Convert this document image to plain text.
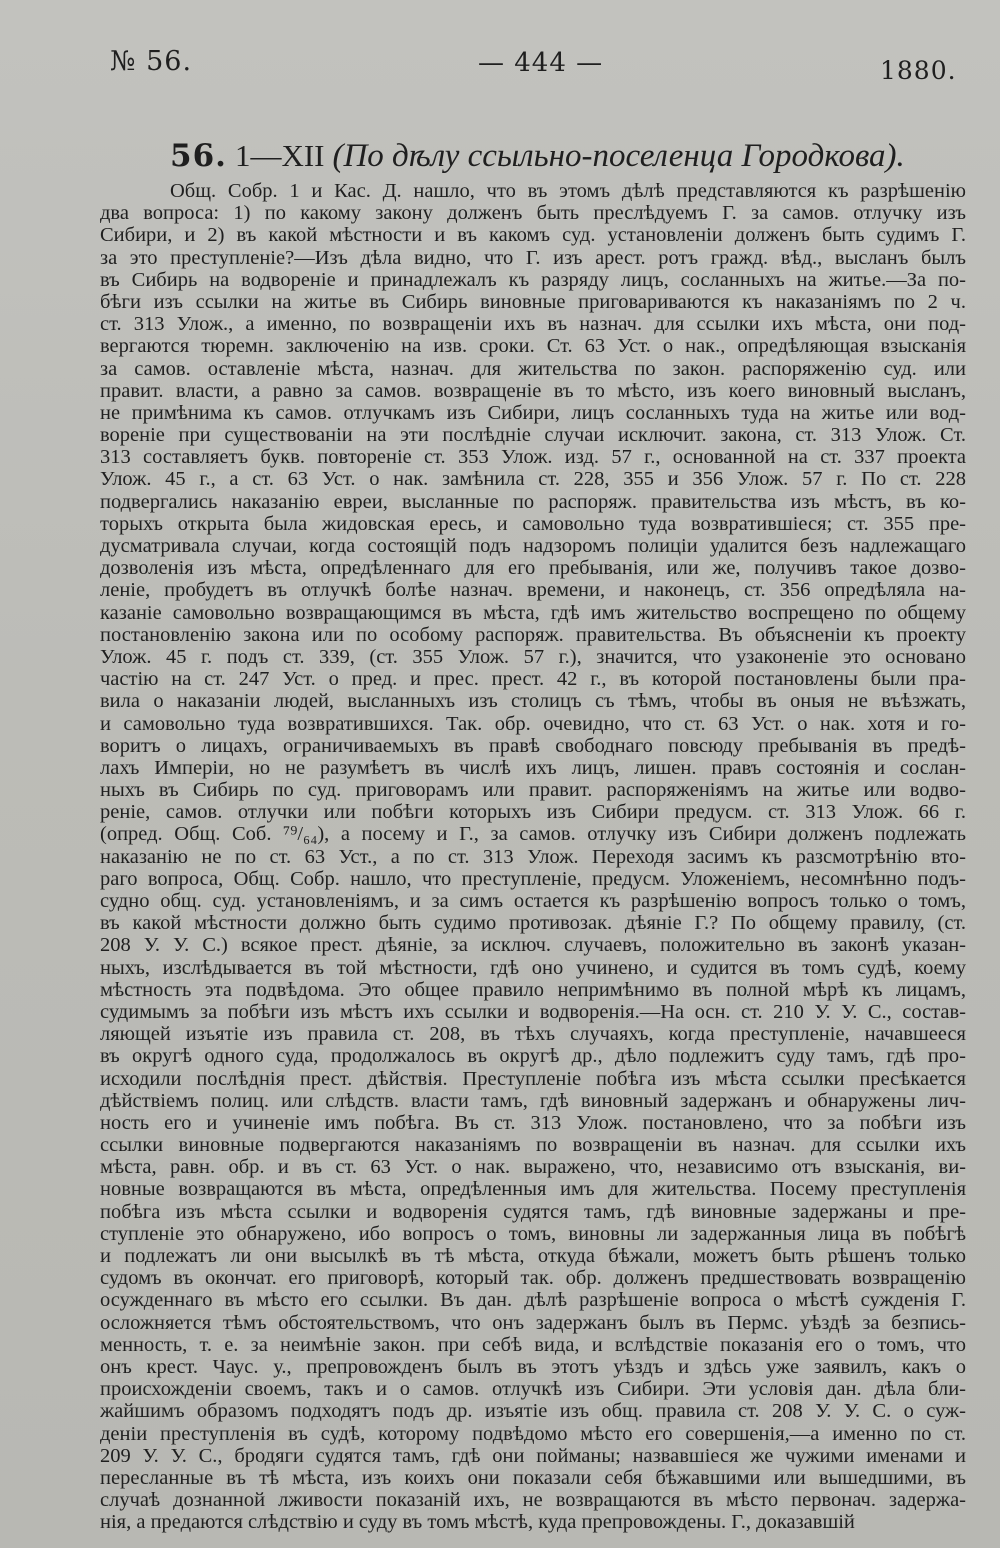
№ 56.	— 444 —	1880.
56. 1—XII (По дѣлу ссыльно-поселенца Городкова).
Общ. Собр. 1 и Кас. Д. нашло, что въ этомъ дѣлѣ представляются къ разрѣшенію
два вопроса: 1) по какому закону долженъ быть преслѣдуемъ Г. за самов. отлучку изъ
Сибири, и 2) въ какой мѣстности и въ какомъ суд. установленіи долженъ быть судимъ Г.
за это преступленіе?—Изъ дѣла видно, что Г. изъ арест. ротъ гражд. вѣд., высланъ былъ
въ Сибирь на водвореніе и принадлежалъ къ разряду лицъ, сосланныхъ на житье.—За по-
бѣги изъ ссылки на житье въ Сибирь виновные приговариваются къ наказаніямъ по 2 ч.
ст. 313 Улож., а именно, по возвращеніи ихъ въ назнач. для ссылки ихъ мѣста, они под-
вергаются тюремн. заключенію на изв. сроки. Ст. 63 Уст. о нак., опредѣляющая взысканія
за самов. оставленіе мѣста, назнач. для жительства по закон. распоряженію суд. или
правит. власти, а равно за самов. возвращеніе въ то мѣсто, изъ коего виновный высланъ,
не примѣнима къ самов. отлучкамъ изъ Сибири, лицъ сосланныхъ туда на житье или вод-
вореніе при существованіи на эти послѣдніе случаи исключит. закона, ст. 313 Улож. Ст.
313 составляетъ букв. повтореніе ст. 353 Улож. изд. 57 г., основанной на ст. 337 проекта
Улож. 45 г., а ст. 63 Уст. о нак. замѣнила ст. 228, 355 и 356 Улож. 57 г. По ст. 228
подвергались наказанію евреи, высланные по распоряж. правительства изъ мѣстъ, въ ко-
торыхъ открыта была жидовская ересь, и самовольно туда возвратившіеся; ст. 355 пре-
дусматривала случаи, когда состоящій подъ надзоромъ полиціи удалится безъ надлежащаго
дозволенія изъ мѣста, опредѣленнаго для его пребыванія, или же, получивъ такое дозво-
леніе, пробудетъ въ отлучкѣ болѣе назнач. времени, и наконецъ, ст. 356 опредѣляла на-
казаніе самовольно возвращающимся въ мѣста, гдѣ имъ жительство воспрещено по общему
постановленію закона или по особому распоряж. правительства. Въ объясненіи къ проекту
Улож. 45 г. подъ ст. 339, (ст. 355 Улож. 57 г.), значится, что узаконеніе это основано
частію на ст. 247 Уст. о пред. и прес. прест. 42 г., въ которой постановлены были пра-
вила о наказаніи людей, высланныхъ изъ столицъ съ тѣмъ, чтобы въ оныя не въѣзжать,
и самовольно туда возвратившихся. Так. обр. очевидно, что ст. 63 Уст. о нак. хотя и го-
воритъ о лицахъ, ограничиваемыхъ въ правѣ свободнаго повсюду пребыванія въ предѣ-
лахъ Имперіи, но не разумѣетъ въ числѣ ихъ лицъ, лишен. правъ состоянія и сослан-
ныхъ въ Сибирь по суд. приговорамъ или правит. распоряженіямъ на житье или водво-
реніе, самов. отлучки или побѣги которыхъ изъ Сибири предусм. ст. 313 Улож. 66 г.
(опред. Общ. Соб. ⁷⁹/₆₄), а посему и Г., за самов. отлучку изъ Сибири долженъ подлежать
наказанію не по ст. 63 Уст., а по ст. 313 Улож. Переходя засимъ къ разсмотрѣнію вто-
раго вопроса, Общ. Собр. нашло, что преступленіе, предусм. Уложеніемъ, несомнѣнно подъ-
судно общ. суд. установленіямъ, и за симъ остается къ разрѣшенію вопросъ только о томъ,
въ какой мѣстности должно быть судимо противозак. дѣяніе Г.? По общему правилу, (ст.
208 У. У. С.) всякое прест. дѣяніе, за исключ. случаевъ, положительно въ законѣ указан-
ныхъ, изслѣдывается въ той мѣстности, гдѣ оно учинено, и судится въ томъ судѣ, коему
мѣстность эта подвѣдома. Это общее правило непримѣнимо въ полной мѣрѣ къ лицамъ,
судимымъ за побѣги изъ мѣстъ ихъ ссылки и водворенія.—На осн. ст. 210 У. У. С., состав-
ляющей изъятіе изъ правила ст. 208, въ тѣхъ случаяхъ, когда преступленіе, начавшееся
въ округѣ одного суда, продолжалось въ округѣ др., дѣло подлежитъ суду тамъ, гдѣ про-
исходили послѣднія прест. дѣйствія. Преступленіе побѣга изъ мѣста ссылки пресѣкается
дѣйствіемъ полиц. или слѣдств. власти тамъ, гдѣ виновный задержанъ и обнаружены лич-
ность его и учиненіе имъ побѣга. Въ ст. 313 Улож. постановлено, что за побѣги изъ
ссылки виновные подвергаются наказаніямъ по возвращеніи въ назнач. для ссылки ихъ
мѣста, равн. обр. и въ ст. 63 Уст. о нак. выражено, что, независимо отъ взысканія, ви-
новные возвращаются въ мѣста, опредѣленныя имъ для жительства. Посему преступленія
побѣга изъ мѣста ссылки и водворенія судятся тамъ, гдѣ виновные задержаны и пре-
ступленіе это обнаружено, ибо вопросъ о томъ, виновны ли задержанныя лица въ побѣгѣ
и подлежатъ ли они высылкѣ въ тѣ мѣста, откуда бѣжали, можетъ быть рѣшенъ только
судомъ въ окончат. его приговорѣ, который так. обр. долженъ предшествовать возвращенію
осужденнаго въ мѣсто его ссылки. Въ дан. дѣлѣ разрѣшеніе вопроса о мѣстѣ сужденія Г.
осложняется тѣмъ обстоятельствомъ, что онъ задержанъ былъ въ Пермс. уѣздѣ за безпись-
менность, т. е. за неимѣніе закон. при себѣ вида, и вслѣдствіе показанія его о томъ, что
онъ крест. Чаус. у., препровожденъ былъ въ этотъ уѣздъ и здѣсь уже заявилъ, какъ о
происхожденіи своемъ, такъ и о самов. отлучкѣ изъ Сибири. Эти условія дан. дѣла бли-
жайшимъ образомъ подходятъ подъ др. изъятіе изъ общ. правила ст. 208 У. У. С. о суж-
деніи преступленія въ судѣ, которому подвѣдомо мѣсто его совершенія,—а именно по ст.
209 У. У. С., бродяги судятся тамъ, гдѣ они пойманы; назвавшіеся же чужими именами и
пересланные въ тѣ мѣста, изъ коихъ они показали себя бѣжавшими или вышедшими, въ
случаѣ дознанной лживости показаній ихъ, не возвращаются въ мѣсто первонач. задержа-
нія, а предаются слѣдствію и суду въ томъ мѣстѣ, куда препровождены. Г., доказавшій
